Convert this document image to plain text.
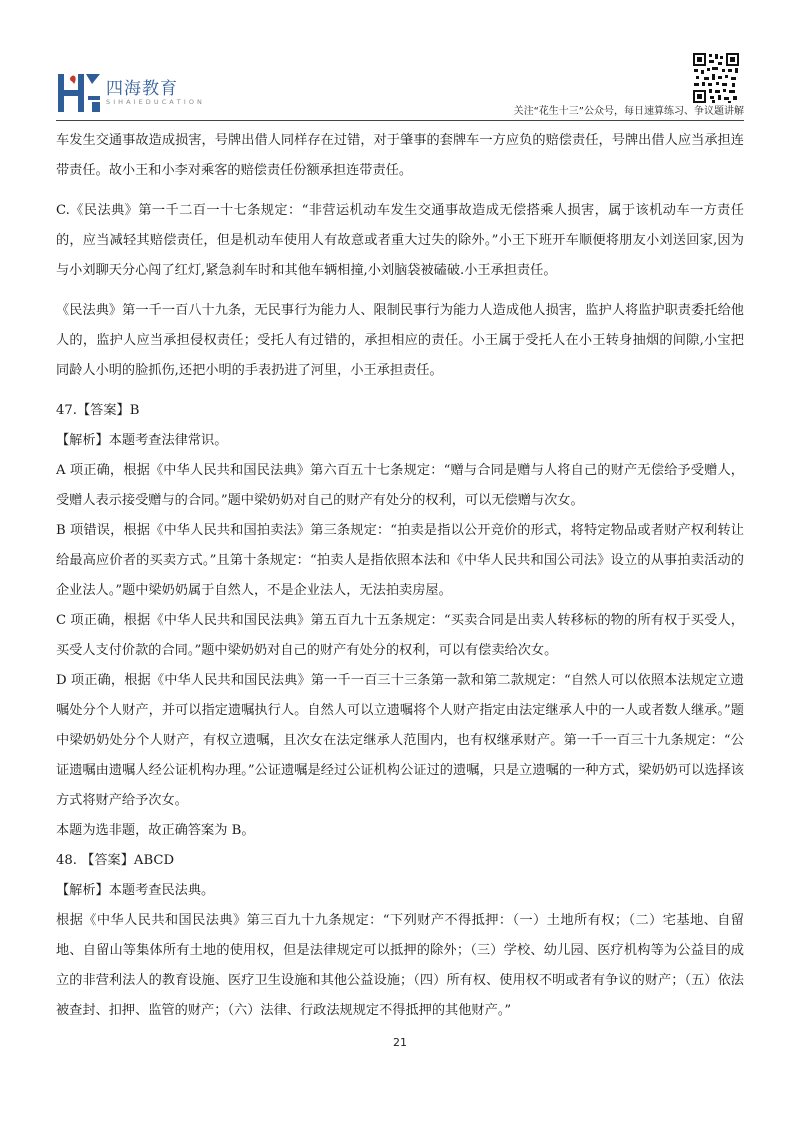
四海教育
S I H A I E D U C A T I O N
关注“花生十三”公众号，每日速算练习、争议题讲解

车发生交通事故造成损害，号牌出借人同样存在过错，对于肇事的套牌车一方应负的赔偿责任，号牌出借人应当承担连带责任。故小王和小李对乘客的赔偿责任份额承担连带责任。

C.《民法典》第一千二百一十七条规定：“非营运机动车发生交通事故造成无偿搭乘人损害，属于该机动车一方责任的，应当减轻其赔偿责任，但是机动车使用人有故意或者重大过失的除外。”小王下班开车顺便将朋友小刘送回家,因为与小刘聊天分心闯了红灯,紧急刹车时和其他车辆相撞,小刘脑袋被磕破.小王承担责任。

《民法典》第一千一百八十九条，无民事行为能力人、限制民事行为能力人造成他人损害，监护人将监护职责委托给他人的，监护人应当承担侵权责任；受托人有过错的，承担相应的责任。小王属于受托人在小王转身抽烟的间隙,小宝把同龄人小明的脸抓伤,还把小明的手表扔进了河里，小王承担责任。

47.【答案】B

【解析】本题考查法律常识。

A 项正确，根据《中华人民共和国民法典》第六百五十七条规定：“赠与合同是赠与人将自己的财产无偿给予受赠人，受赠人表示接受赠与的合同。”题中梁奶奶对自己的财产有处分的权利，可以无偿赠与次女。

B 项错误，根据《中华人民共和国拍卖法》第三条规定：“拍卖是指以公开竞价的形式，将特定物品或者财产权利转让给最高应价者的买卖方式。”且第十条规定：“拍卖人是指依照本法和《中华人民共和国公司法》设立的从事拍卖活动的企业法人。”题中梁奶奶属于自然人，不是企业法人，无法拍卖房屋。

C 项正确，根据《中华人民共和国民法典》第五百九十五条规定：“买卖合同是出卖人转移标的物的所有权于买受人，买受人支付价款的合同。”题中梁奶奶对自己的财产有处分的权利，可以有偿卖给次女。

D 项正确，根据《中华人民共和国民法典》第一千一百三十三条第一款和第二款规定：“自然人可以依照本法规定立遗嘱处分个人财产，并可以指定遗嘱执行人。自然人可以立遗嘱将个人财产指定由法定继承人中的一人或者数人继承。”题中梁奶奶处分个人财产，有权立遗嘱，且次女在法定继承人范围内，也有权继承财产。第一千一百三十九条规定：“公证遗嘱由遗嘱人经公证机构办理。”公证遗嘱是经过公证机构公证过的遗嘱，只是立遗嘱的一种方式，梁奶奶可以选择该方式将财产给予次女。

本题为选非题，故正确答案为 B。

48. 【答案】ABCD

【解析】本题考查民法典。

根据《中华人民共和国民法典》第三百九十九条规定：“下列财产不得抵押：（一）土地所有权；（二）宅基地、自留地、自留山等集体所有土地的使用权，但是法律规定可以抵押的除外；（三）学校、幼儿园、医疗机构等为公益目的成立的非营利法人的教育设施、医疗卫生设施和其他公益设施；（四）所有权、使用权不明或者有争议的财产；（五）依法被查封、扣押、监管的财产；（六）法律、行政法规规定不得抵押的其他财产。”

21
